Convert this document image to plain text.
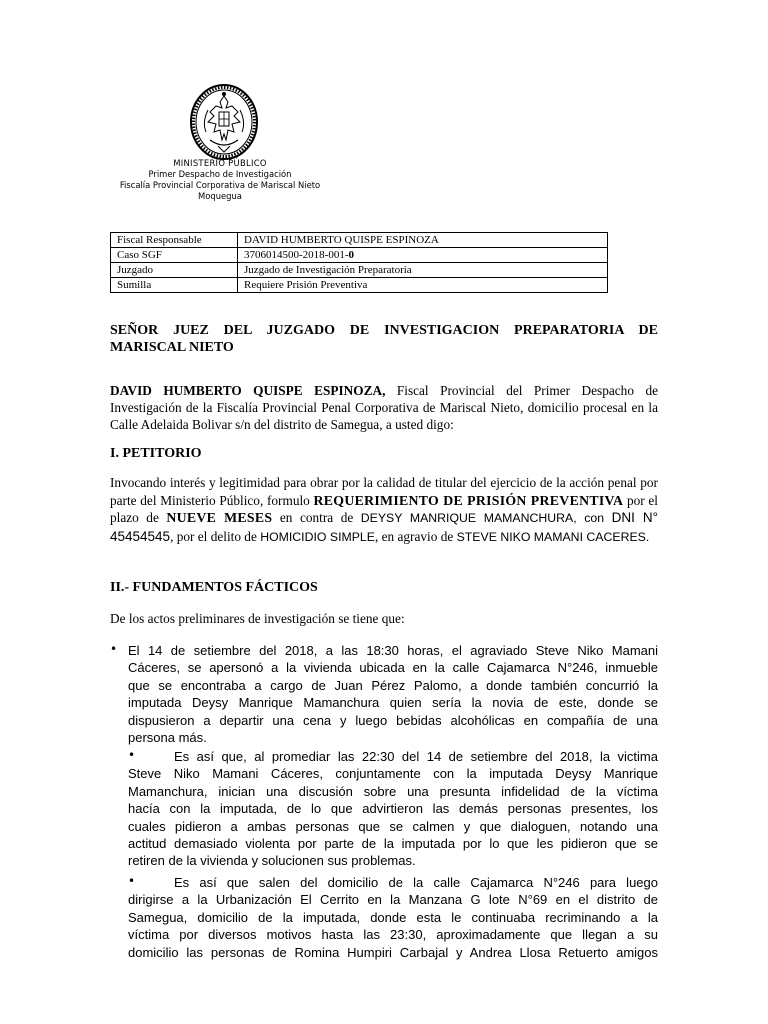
MINISTERIO PÚBLICO
Primer Despacho de Investigación
Fiscalía Provincial Corporativa de Mariscal Nieto
Moquegua
Fiscal Responsable	DAVID HUMBERTO QUISPE ESPINOZA
Caso SGF	3706014500-2018-001-0
Juzgado	Juzgado de Investigación Preparatoria
Sumilla	Requiere Prisión Preventiva
SEÑOR JUEZ DEL JUZGADO DE INVESTIGACION PREPARATORIA DE
MARISCAL NIETO
DAVID HUMBERTO QUISPE ESPINOZA, Fiscal Provincial del Primer Despacho de Investigación de la Fiscalía Provincial Penal Corporativa de Mariscal Nieto, domicilio procesal en la Calle Adelaida Bolivar s/n del distrito de Samegua, a usted digo:
I. PETITORIO
Invocando interés y legitimidad para obrar por la calidad de titular del ejercicio de la acción penal por parte del Ministerio Público, formulo REQUERIMIENTO DE PRISIÓN PREVENTIVA por el plazo de NUEVE MESES en contra de DEYSY MANRIQUE MAMANCHURA, con DNI N° 45454545, por el delito de HOMICIDIO SIMPLE, en agravio de STEVE NIKO MAMANI CACERES.
II.- FUNDAMENTOS FÁCTICOS
De los actos preliminares de investigación se tiene que:
• El 14 de setiembre del 2018, a las 18:30 horas, el agraviado Steve Niko Mamani
Cáceres, se apersonó a la vivienda ubicada en la calle Cajamarca N°246, inmueble
que se encontraba a cargo de Juan Pérez Palomo, a donde también concurrió la
imputada Deysy Manrique Mamanchura quien sería la novia de este, donde se
dispusieron a departir una cena y luego bebidas alcohólicas en compañía de una
persona más.
•	Es así que, al promediar las 22:30 del 14 de setiembre del 2018, la victima
Steve Niko Mamani Cáceres, conjuntamente con la imputada Deysy Manrique
Mamanchura, inician una discusión sobre una presunta infidelidad de la víctima
hacía con la imputada, de lo que advirtieron las demás personas presentes, los
cuales pidieron a ambas personas que se calmen y que dialoguen, notando una
actitud demasiado violenta por parte de la imputada por lo que les pidieron que se
retiren de la vivienda y solucionen sus problemas.
•	Es así que salen del domicilio de la calle Cajamarca N°246 para luego
dirigirse a la Urbanización El Cerrito en la Manzana G lote N°69 en el distrito de
Samegua, domicilio de la imputada, donde esta le continuaba recriminando a la
víctima por diversos motivos hasta las 23:30, aproximadamente que llegan a su
domicilio las personas de Romina Humpiri Carbajal y Andrea Llosa Retuerto amigos
